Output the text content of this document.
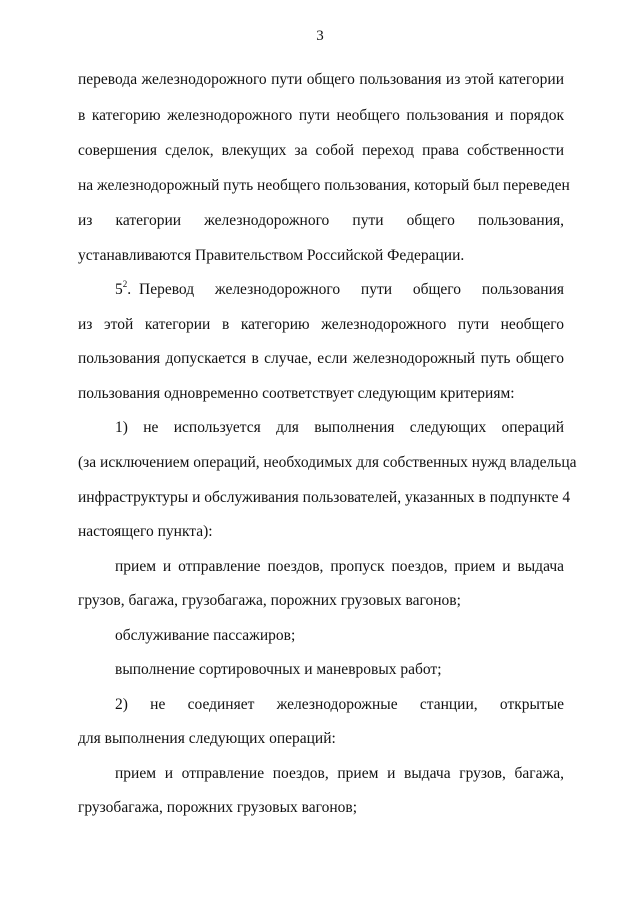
3
перевода железнодорожного пути общего пользования из этой категории
в категорию железнодорожного пути необщего пользования и порядок
совершения сделок, влекущих за собой переход права собственности
на железнодорожный путь необщего пользования, который был переведен
из категории железнодорожного пути общего пользования,
устанавливаются Правительством Российской Федерации.
$5^2$. Перевод железнодорожного пути общего пользования
из этой категории в категорию железнодорожного пути необщего
пользования допускается в случае, если железнодорожный путь общего
пользования одновременно соответствует следующим критериям:
1) не используется для выполнения следующих операций
(за исключением операций, необходимых для собственных нужд владельца
инфраструктуры и обслуживания пользователей, указанных в подпункте 4
настоящего пункта):
прием и отправление поездов, пропуск поездов, прием и выдача
грузов, багажа, грузобагажа, порожних грузовых вагонов;
обслуживание пассажиров;
выполнение сортировочных и маневровых работ;
2) не соединяет железнодорожные станции, открытые
для выполнения следующих операций:
прием и отправление поездов, прием и выдача грузов, багажа,
грузобагажа, порожних грузовых вагонов;
